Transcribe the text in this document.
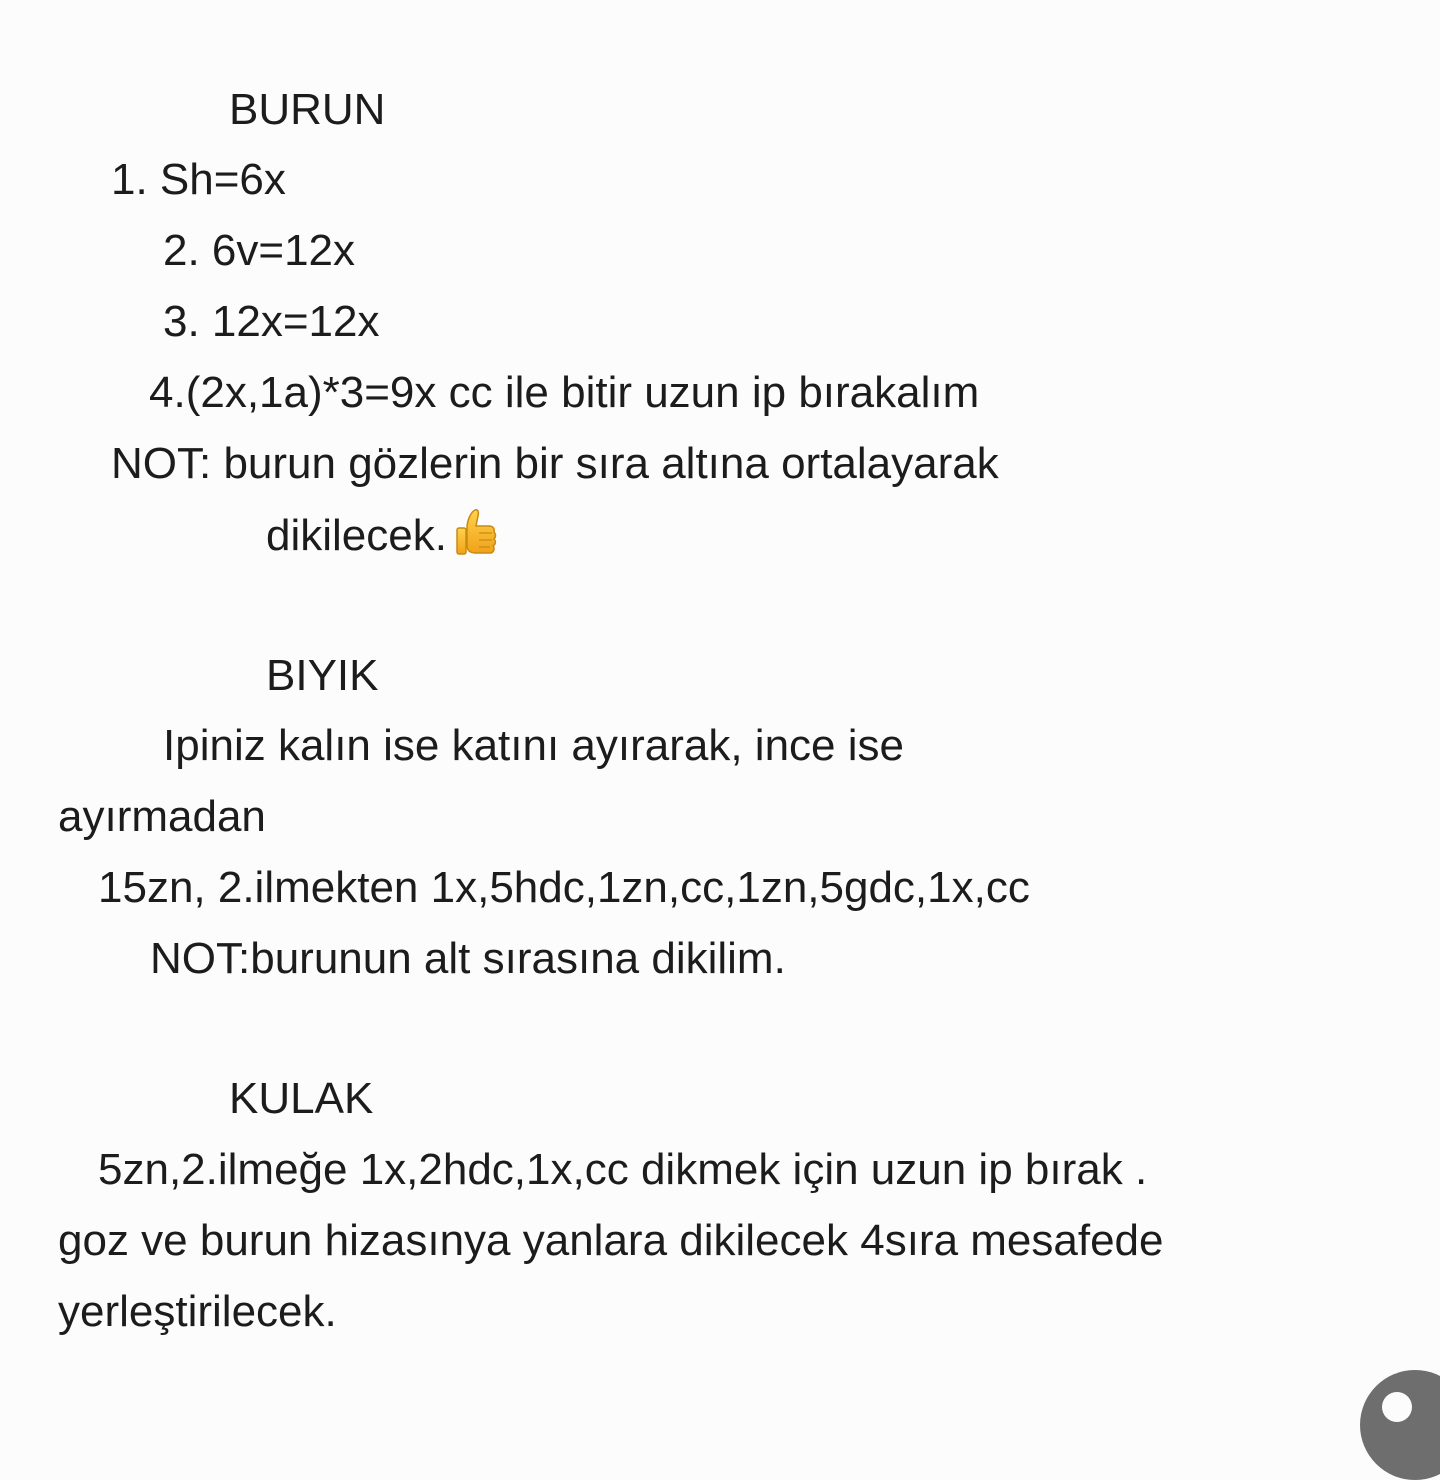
BURUN
1. Sh=6x
2. 6v=12x
3. 12x=12x
4.(2x,1a)*3=9x cc ile bitir uzun ip bırakalım
NOT: burun gözlerin bir sıra altına ortalayarak
dikilecek.
BIYIK
Ipiniz kalın ise katını ayırarak, ince ise
ayırmadan
15zn, 2.ilmekten 1x,5hdc,1zn,cc,1zn,5gdc,1x,cc
NOT:burunun alt sırasına dikilim.
KULAK
5zn,2.ilmeğe 1x,2hdc,1x,cc dikmek için uzun ip bırak .
goz ve burun hizasınya yanlara dikilecek 4sıra mesafede
yerleştirilecek.
